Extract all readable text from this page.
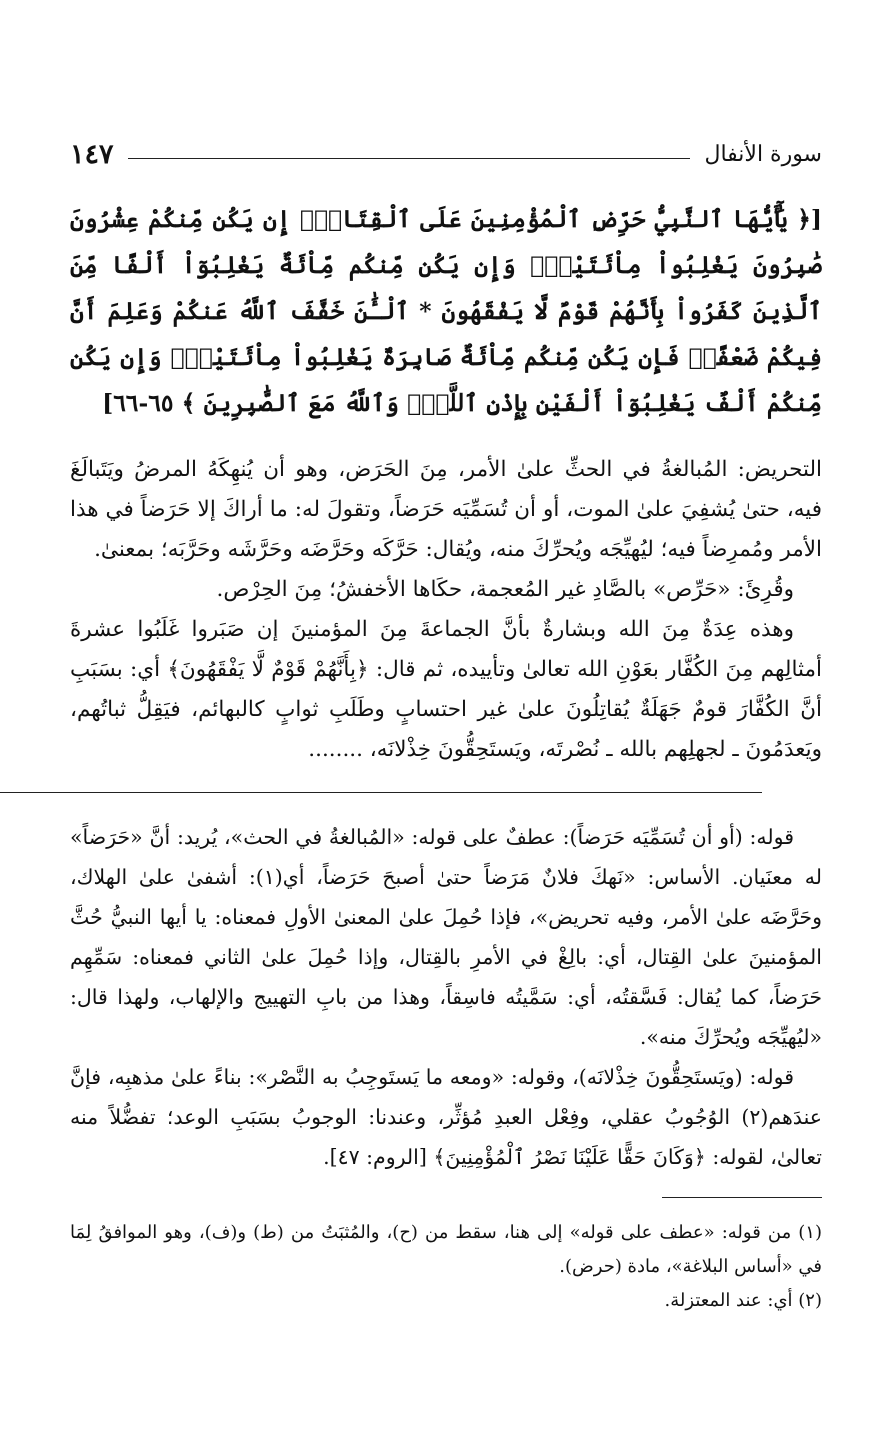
سورة الأنفال
١٤٧

[﴿ يَٰٓأَيُّهَا ٱلنَّبِيُّ حَرِّضِ ٱلْمُؤْمِنِينَ عَلَى ٱلْقِتَالِۚ إِن يَكُن مِّنكُمْ عِشْرُونَ صَٰبِرُونَ يَغْلِبُواْ مِاْئَتَيْنِۚ وَإِن يَكُن مِّنكُم مِّاْئَةٌ يَغْلِبُوٓاْ أَلْفًا مِّنَ ٱلَّذِينَ كَفَرُواْ بِأَنَّهُمْ قَوْمٌ لَّا يَفْقَهُونَ * ٱلْـَٰٔنَ خَفَّفَ ٱللَّهُ عَنكُمْ وَعَلِمَ أَنَّ فِيكُمْ ضَعْفًاۚ فَإِن يَكُن مِّنكُم مِّاْئَةٌ صَابِرَةٌ يَغْلِبُواْ مِاْئَتَيْنِۚ وَإِن يَكُن مِّنكُمْ أَلْفٌ يَغْلِبُوٓاْ أَلْفَيْنِ بِإِذْنِ ٱللَّهِۗ وَٱللَّهُ مَعَ ٱلصَّٰبِرِينَ ﴾ ٦٥-٦٦]

التحريض: المُبالغةُ في الحثِّ علىٰ الأمر، مِنَ الحَرَض، وهو أن يُنهِكَهُ المرضُ ويَتَبالَغَ فيه، حتىٰ يُشفِيَ علىٰ الموت، أو أن تُسَمِّيَه حَرَضاً، وتقولَ له: ما أراكَ إلا حَرَضاً في هذا الأمر ومُمرِضاً فيه؛ ليُهيِّجَه ويُحرِّكَ منه، ويُقال: حَرَّكَه وحَرَّضَه وحَرَّشَه وحَرَّبَه؛ بمعنىٰ.

وقُرِئَ: «حَرِّص» بالصَّادِ غير المُعجمة، حكَاها الأخفشُ؛ مِنَ الحِرْص.

وهذه عِدَةٌ مِنَ الله وبشارةٌ بأنَّ الجماعةَ مِنَ المؤمنينَ إن صَبَروا غَلَبُوا عشرةَ أمثالِهم مِنَ الكُفَّار بعَوْنِ الله تعالىٰ وتأييده، ثم قال: ﴿بِأَنَّهُمْ قَوْمٌ لَّا يَفْقَهُونَ﴾ أي: بسَبَبِ أنَّ الكُفَّارَ قومٌ جَهَلَةٌ يُقاتِلُونَ علىٰ غير احتسابٍ وطَلَبِ ثوابٍ كالبهائم، فيَقِلُّ ثباتُهم، ويَعدَمُونَ ـ لجهلِهم بالله ـ نُصْرتَه، ويَستَحِقُّونَ خِذْلانَه، ........

قوله: (أو أن تُسَمِّيَه حَرَضاً): عطفٌ على قوله: «المُبالغةُ في الحث»، يُريد: أنَّ «حَرَضاً» له معنَيان. الأساس: «نَهكَ فلانٌ مَرَضاً حتىٰ أصبحَ حَرَضاً، أي(١): أشفىٰ علىٰ الهلاك، وحَرَّضَه علىٰ الأمر، وفيه تحريض»، فإذا حُمِلَ علىٰ المعنىٰ الأولِ فمعناه: يا أيها النبيُّ حُثَّ المؤمنينَ علىٰ القِتال، أي: بالِغْ في الأمرِ بالقِتال، وإذا حُمِلَ علىٰ الثاني فمعناه: سَمِّهِم حَرَضاً، كما يُقال: فَسَّقتُه، أي: سَمَّيتُه فاسِقاً، وهذا من بابِ التهييج والإلهاب، ولهذا قال: «ليُهيِّجَه ويُحرِّكَ منه».

قوله: (ويَستَحِقُّونَ خِذْلانَه)، وقوله: «ومعه ما يَستَوجِبُ به النَّصْر»: بناءً علىٰ مذهبِه، فإنَّ عندَهم(٢) الوُجُوبُ عقلي، وفِعْل العبدِ مُؤثِّر، وعندنا: الوجوبُ بسَبَبِ الوعد؛ تفضُّلاً منه تعالىٰ، لقوله: ﴿وَكَانَ حَقًّا عَلَيْنَا نَصْرُ ٱلْمُؤْمِنِينَ﴾ [الروم: ٤٧].

(١) من قوله: «عطف على قوله» إلى هنا، سقط من (ح)، والمُثبَتُ من (ط) و(ف)، وهو الموافقُ لِمَا في «أساس البلاغة»، مادة (حرض).

(٢) أي: عند المعتزلة.
